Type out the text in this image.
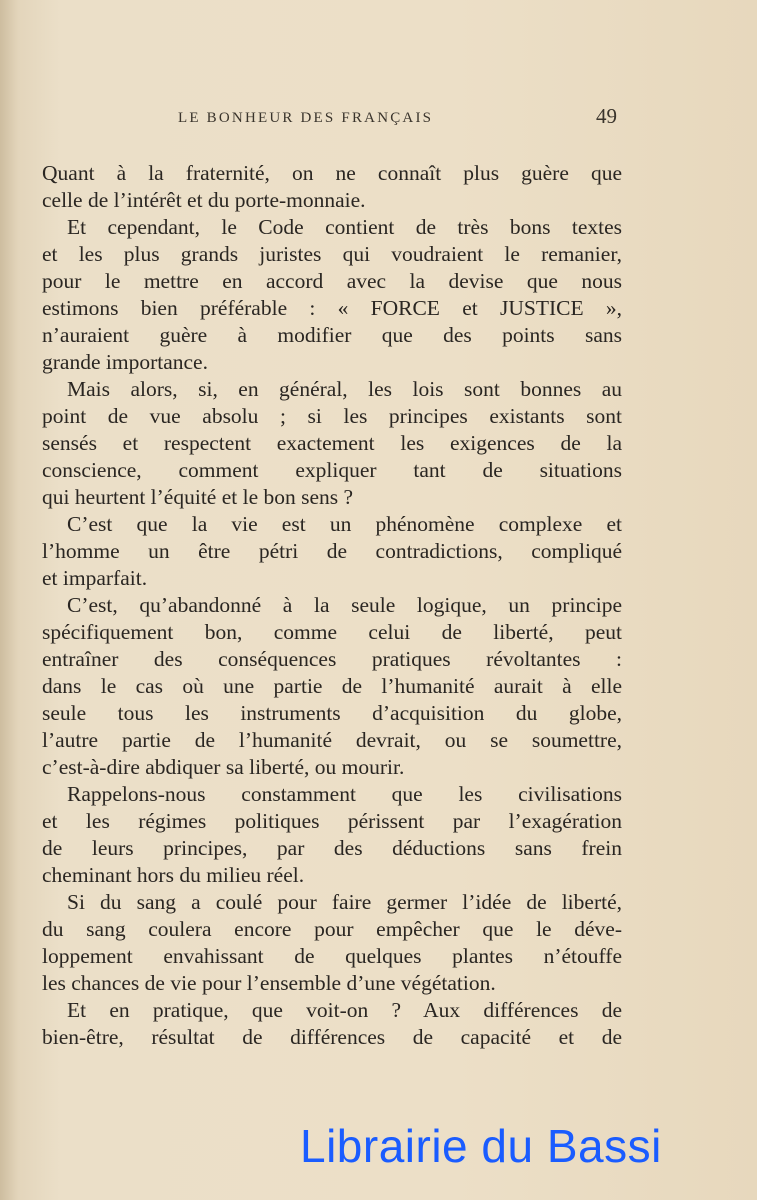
LE BONHEUR DES FRANÇAIS	49
Quant à la fraternité, on ne connaît plus guère que
celle de l’intérêt et du porte-monnaie.
Et cependant, le Code contient de très bons textes
et les plus grands juristes qui voudraient le remanier,
pour le mettre en accord avec la devise que nous
estimons bien préférable : « FORCE et JUSTICE »,
n’auraient guère à modifier que des points sans
grande importance.
Mais alors, si, en général, les lois sont bonnes au
point de vue absolu ; si les principes existants sont
sensés et respectent exactement les exigences de la
conscience, comment expliquer tant de situations
qui heurtent l’équité et le bon sens ?
C’est que la vie est un phénomène complexe et
l’homme un être pétri de contradictions, compliqué
et imparfait.
C’est, qu’abandonné à la seule logique, un principe
spécifiquement bon, comme celui de liberté, peut
entraîner des conséquences pratiques révoltantes :
dans le cas où une partie de l’humanité aurait à elle
seule tous les instruments d’acquisition du globe,
l’autre partie de l’humanité devrait, ou se soumettre,
c’est-à-dire abdiquer sa liberté, ou mourir.
Rappelons-nous constamment que les civilisations
et les régimes politiques périssent par l’exagération
de leurs principes, par des déductions sans frein
cheminant hors du milieu réel.
Si du sang a coulé pour faire germer l’idée de liberté,
du sang coulera encore pour empêcher que le déve-
loppement envahissant de quelques plantes n’étouffe
les chances de vie pour l’ensemble d’une végétation.
Et en pratique, que voit-on ? Aux différences de
bien-être, résultat de différences de capacité et de
Librairie du Bassi
